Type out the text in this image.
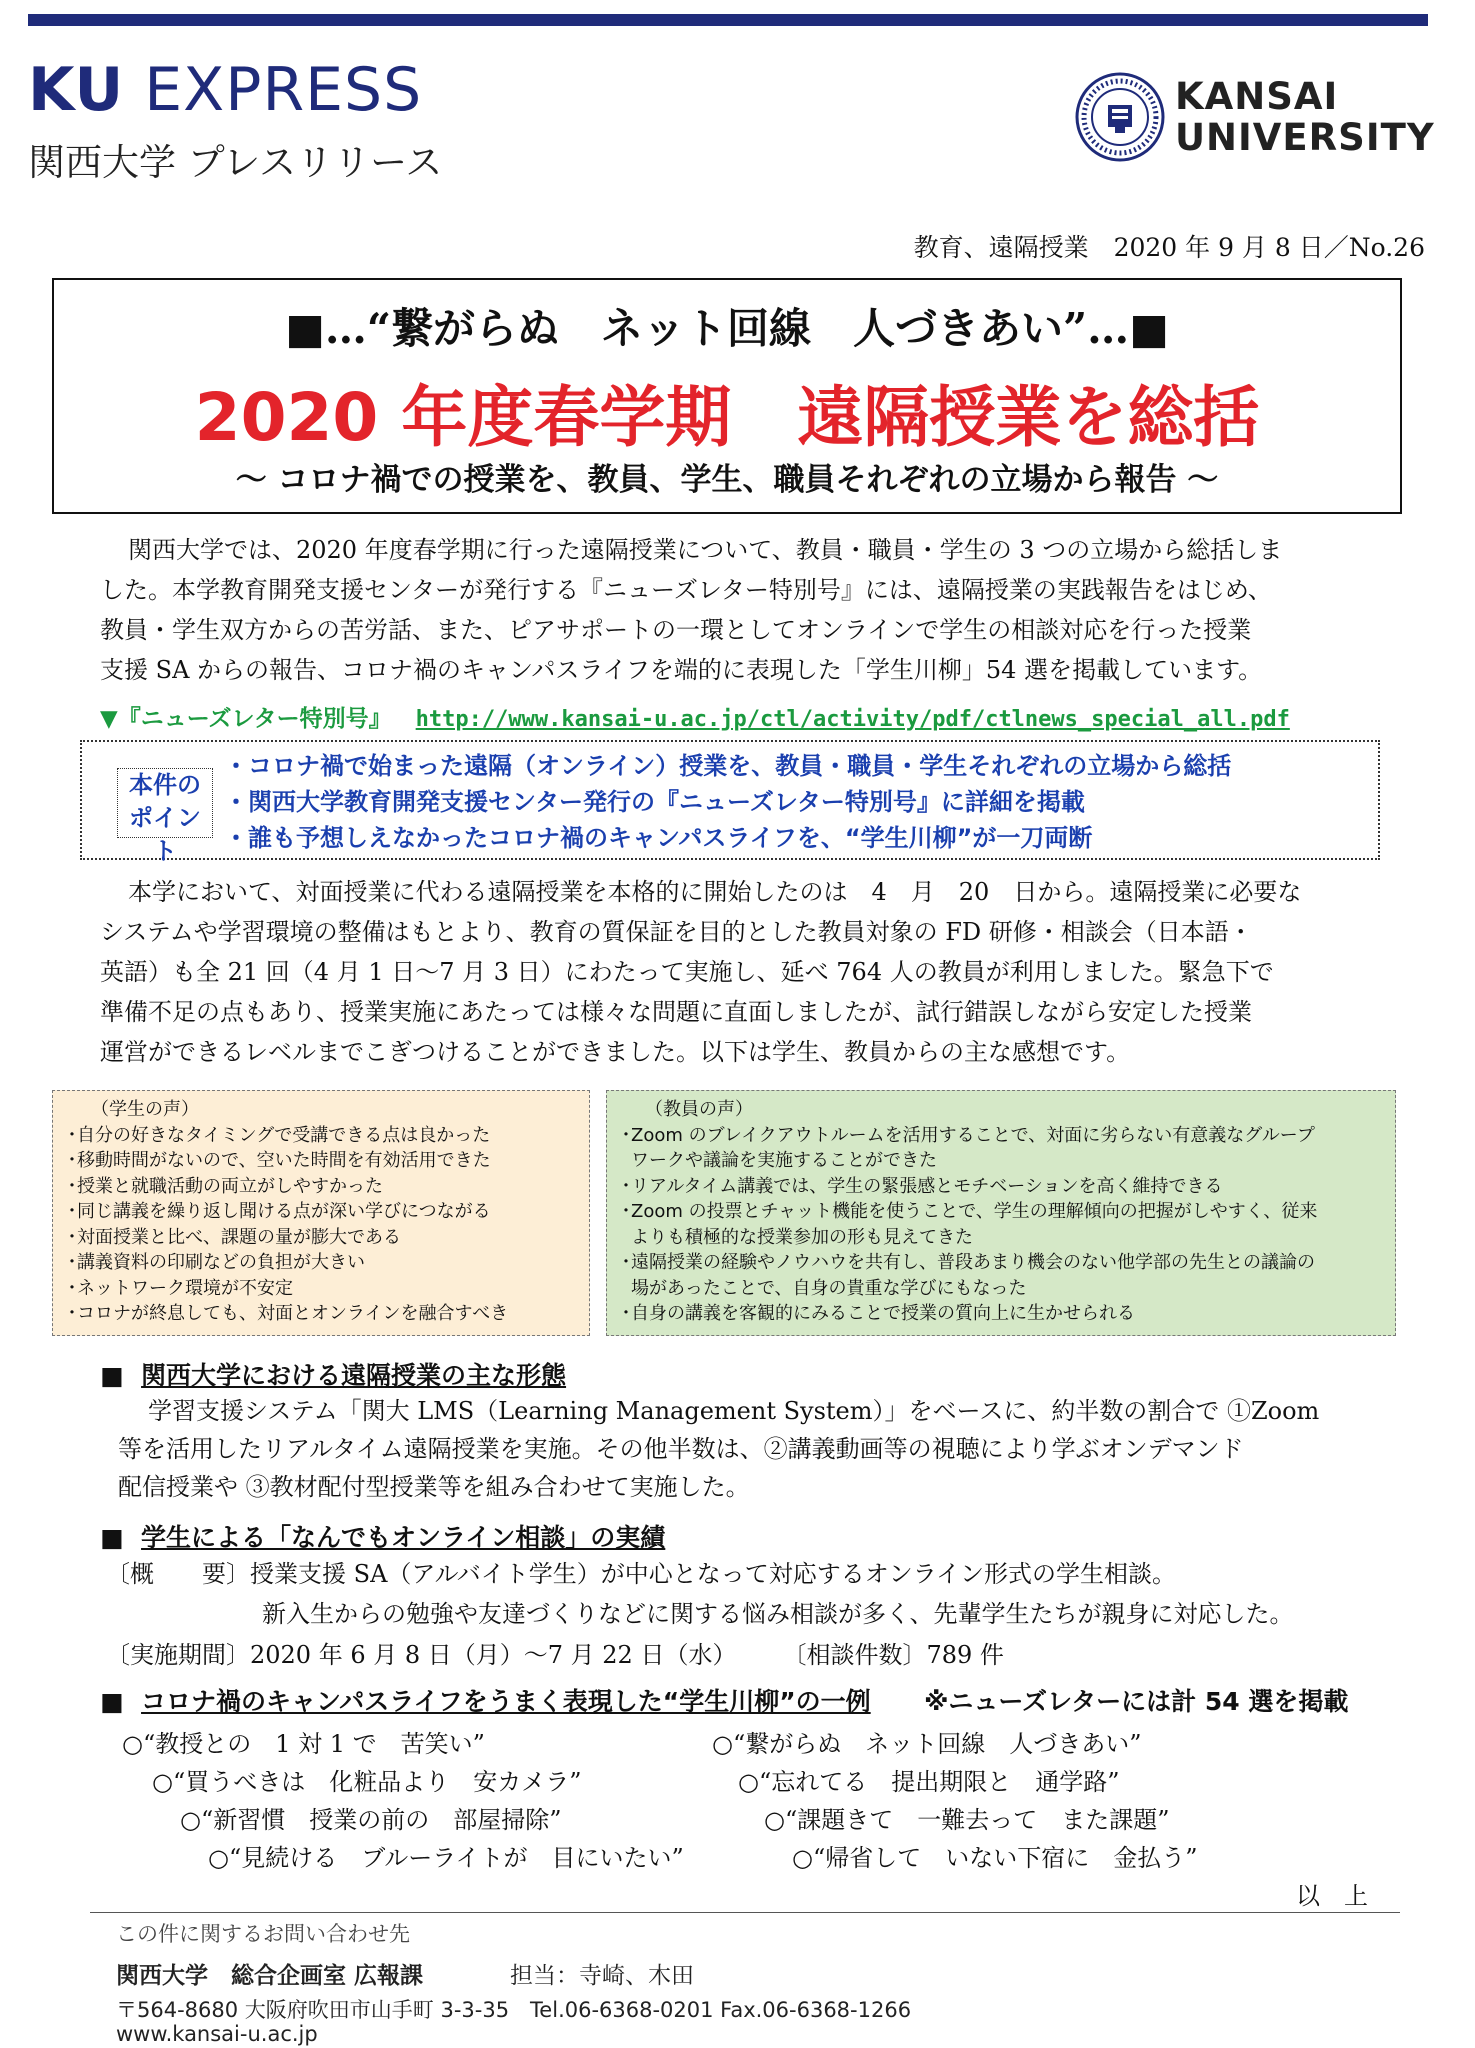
KU EXPRESS
関西大学 プレスリリース
KANSAI
UNIVERSITY
教育、遠隔授業　2020 年 9 月 8 日／No.26
■…“繋がらぬ　ネット回線　人づきあい”…■
2020 年度春学期　遠隔授業を総括
～ コロナ禍での授業を、教員、学生、職員それぞれの立場から報告 ～
関西大学では、2020 年度春学期に行った遠隔授業について、教員・職員・学生の 3 つの立場から総括しま
した。本学教育開発支援センターが発行する『ニューズレター特別号』には、遠隔授業の実践報告をはじめ、
教員・学生双方からの苦労話、また、ピアサポートの一環としてオンラインで学生の相談対応を行った授業
支援 SA からの報告、コロナ禍のキャンパスライフを端的に表現した「学生川柳」54 選を掲載しています。
▼『ニューズレター特別号』 http://www.kansai-u.ac.jp/ctl/activity/pdf/ctlnews_special_all.pdf
本件の
ポイント
・コロナ禍で始まった遠隔（オンライン）授業を、教員・職員・学生それぞれの立場から総括
・関西大学教育開発支援センター発行の『ニューズレター特別号』に詳細を掲載
・誰も予想しえなかったコロナ禍のキャンパスライフを、“学生川柳”が一刀両断
本学において、対面授業に代わる遠隔授業を本格的に開始したのは　4　月　20　日から。遠隔授業に必要な
システムや学習環境の整備はもとより、教育の質保証を目的とした教員対象の FD 研修・相談会（日本語・
英語）も全 21 回（4 月 1 日～7 月 3 日）にわたって実施し、延べ 764 人の教員が利用しました。緊急下で
準備不足の点もあり、授業実施にあたっては様々な問題に直面しましたが、試行錯誤しながら安定した授業
運営ができるレベルまでこぎつけることができました。以下は学生、教員からの主な感想です。
（学生の声）
・
自分の好きなタイミングで受講できる点は良かった
・
移動時間がないので、空いた時間を有効活用できた
・
授業と就職活動の両立がしやすかった
・
同じ講義を繰り返し聞ける点が深い学びにつながる
・
対面授業と比べ、課題の量が膨大である
・
講義資料の印刷などの負担が大きい
・
ネットワーク環境が不安定
・
コロナが終息しても、対面とオンラインを融合すべき
（教員の声）
・
Zoom のブレイクアウトルームを活用することで、対面に劣らない有意義なグループ
ワークや議論を実施することができた
・
リアルタイム講義では、学生の緊張感とモチベーションを高く維持できる
・
Zoom の投票とチャット機能を使うことで、学生の理解傾向の把握がしやすく、従来
よりも積極的な授業参加の形も見えてきた
・
遠隔授業の経験やノウハウを共有し、普段あまり機会のない他学部の先生との議論の
場があったことで、自身の貴重な学びにもなった
・
自身の講義を客観的にみることで授業の質向上に生かせられる
■ 関西大学における遠隔授業の主な形態
学習支援システム「関大 LMS（Learning Management System）」をベースに、約半数の割合で ①Zoom
等を活用したリアルタイム遠隔授業を実施。その他半数は、②講義動画等の視聴により学ぶオンデマンド
配信授業や ③教材配付型授業等を組み合わせて実施した。
■ 学生による「なんでもオンライン相談」の実績
〔概　　要〕授業支援 SA（アルバイト学生）が中心となって対応するオンライン形式の学生相談。
新入生からの勉強や友達づくりなどに関する悩み相談が多く、先輩学生たちが親身に対応した。
〔実施期間〕2020 年 6 月 8 日（月）～7 月 22 日（水） 〔相談件数〕789 件
■ コロナ禍のキャンパスライフをうまく表現した“学生川柳”の一例 ※ニューズレターには計 54 選を掲載
○“教授との　1 対 1 で　苦笑い”	○“繋がらぬ　ネット回線　人づきあい”
○“買うべきは　化粧品より　安カメラ”	○“忘れてる　提出期限と　通学路”
○“新習慣　授業の前の　部屋掃除”	○“課題きて　一難去って　また課題”
○“見続ける　ブルーライトが　目にいたい”	○“帰省して　いない下宿に　金払う”
以　上
この件に関するお問い合わせ先
関西大学　総合企画室 広報課	担当：寺崎、木田
〒564-8680 大阪府吹田市山手町 3-3-35　Tel.06-6368-0201 Fax.06-6368-1266
www.kansai-u.ac.jp
